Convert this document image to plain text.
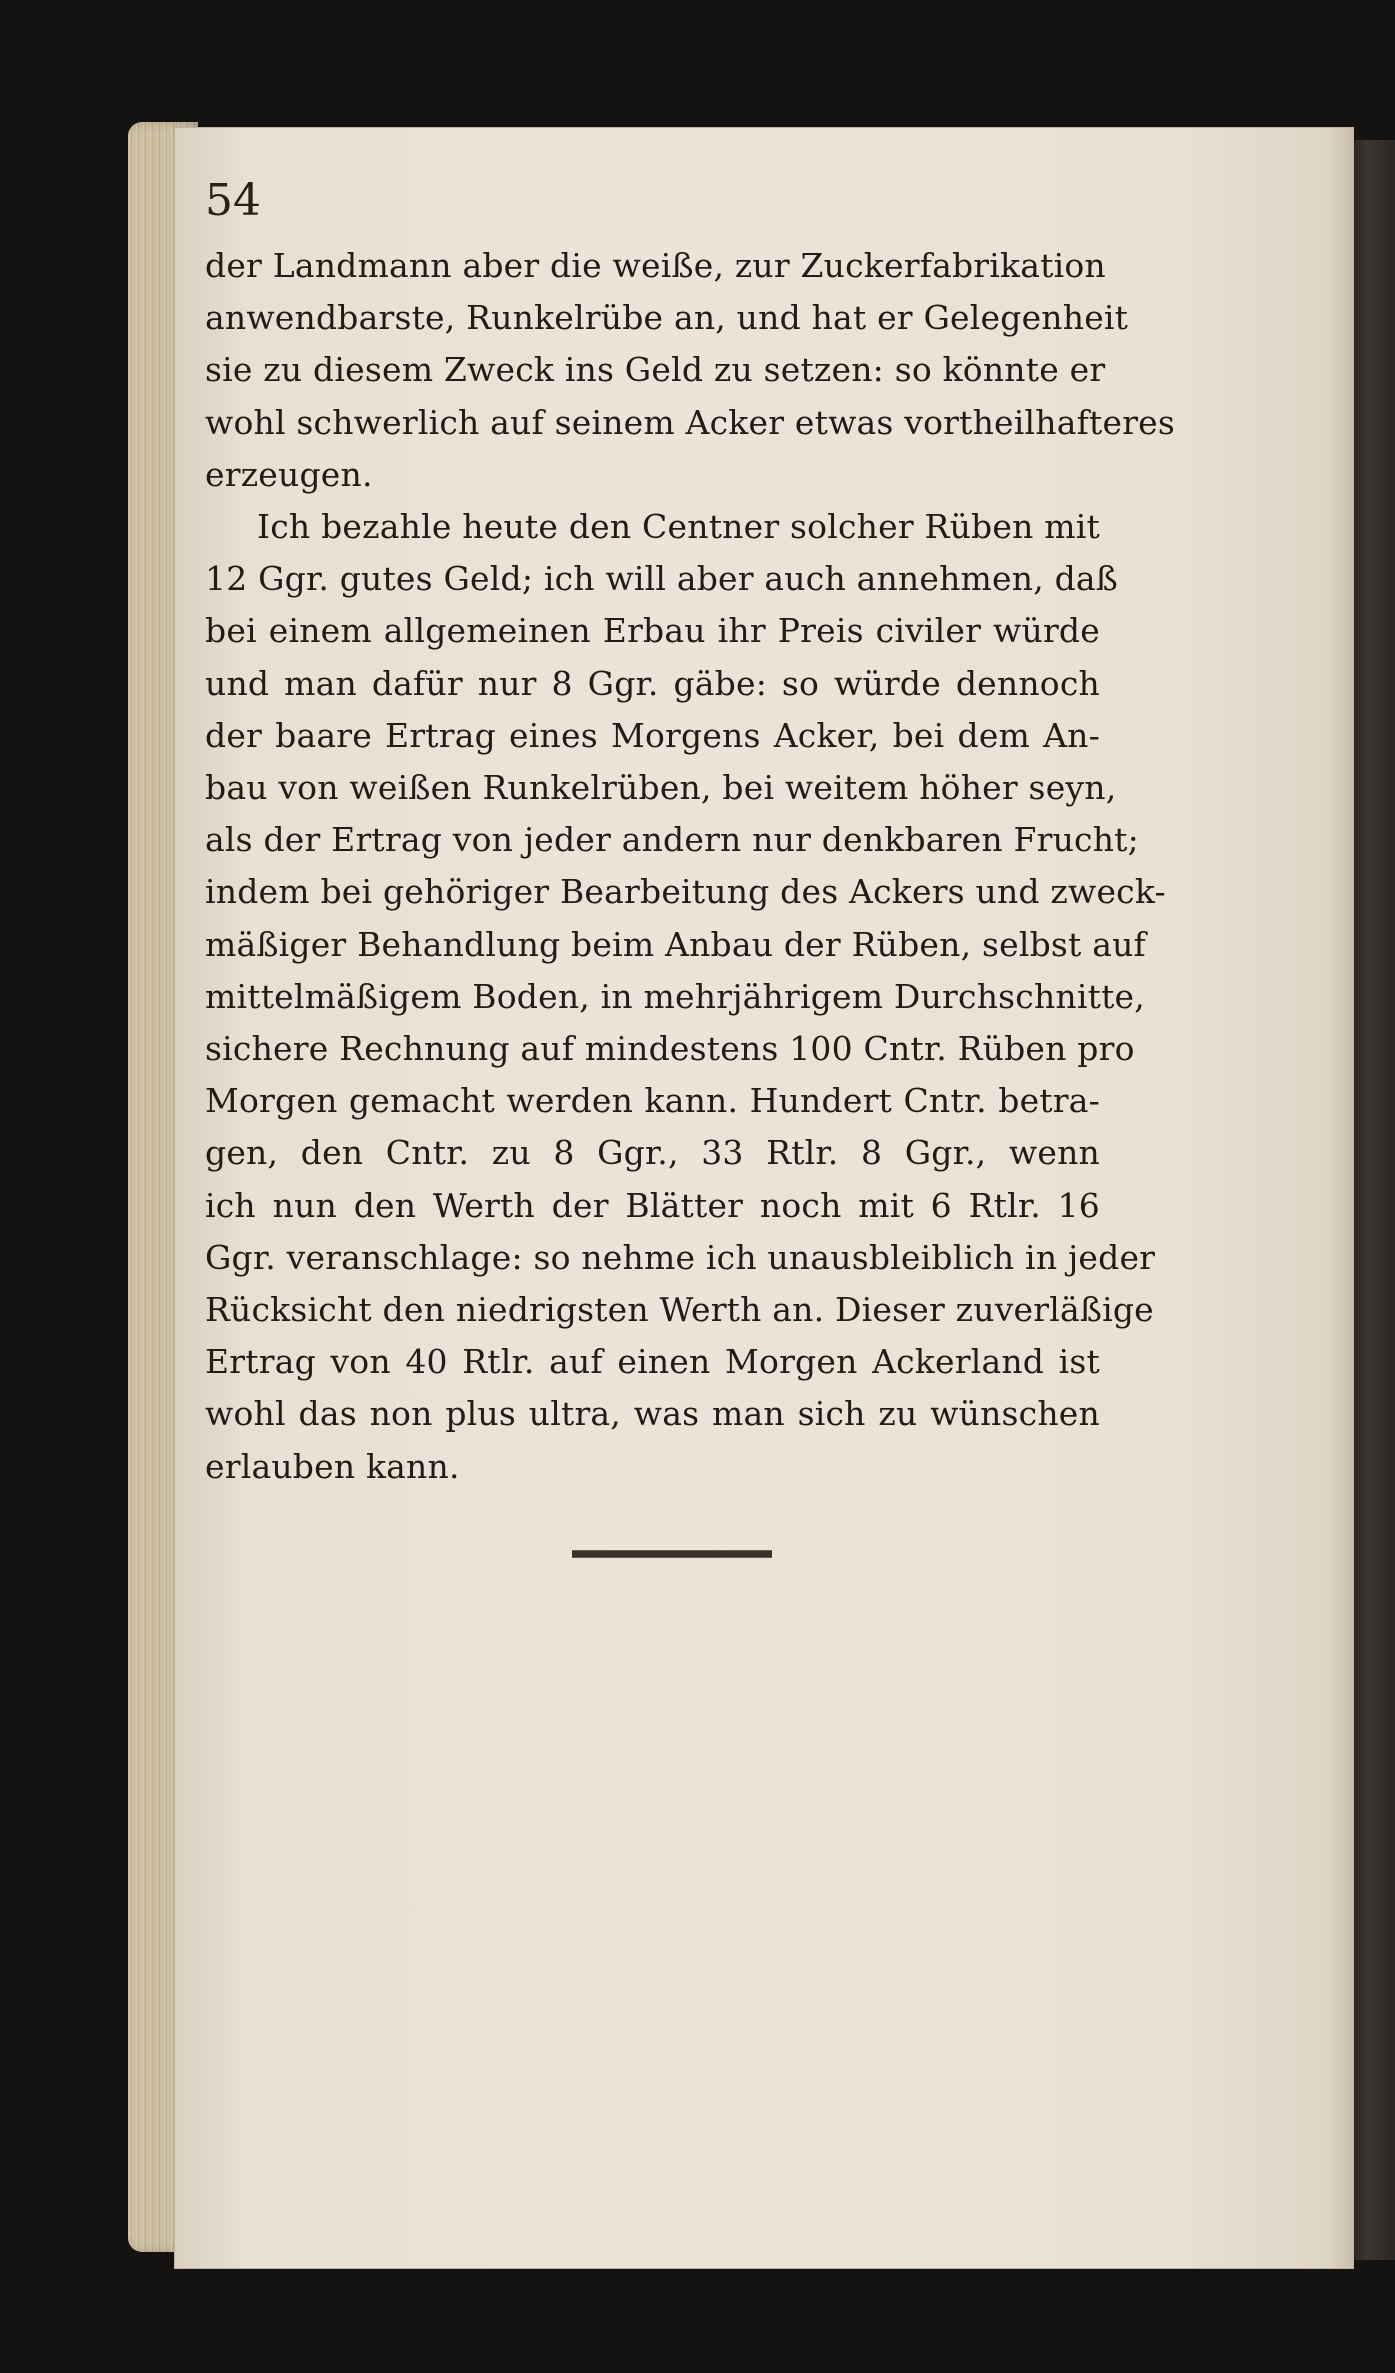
54
der Landmann aber die weiße, zur Zuckerfabrikation
anwendbarste, Runkelrübe an, und hat er Gelegenheit
sie zu diesem Zweck ins Geld zu setzen: so könnte er
wohl schwerlich auf seinem Acker etwas vortheilhafteres
erzeugen.
Ich bezahle heute den Centner solcher Rüben mit
12 Ggr. gutes Geld; ich will aber auch annehmen, daß
bei einem allgemeinen Erbau ihr Preis civiler würde
und man dafür nur 8 Ggr. gäbe: so würde dennoch
der baare Ertrag eines Morgens Acker, bei dem An-
bau von weißen Runkelrüben, bei weitem höher seyn,
als der Ertrag von jeder andern nur denkbaren Frucht;
indem bei gehöriger Bearbeitung des Ackers und zweck-
mäßiger Behandlung beim Anbau der Rüben, selbst auf
mittelmäßigem Boden, in mehrjährigem Durchschnitte,
sichere Rechnung auf mindestens 100 Cntr. Rüben pro
Morgen gemacht werden kann. Hundert Cntr. betra-
gen, den Cntr. zu 8 Ggr., 33 Rtlr. 8 Ggr., wenn
ich nun den Werth der Blätter noch mit 6 Rtlr. 16
Ggr. veranschlage: so nehme ich unausbleiblich in jeder
Rücksicht den niedrigsten Werth an. Dieser zuverläßige
Ertrag von 40 Rtlr. auf einen Morgen Ackerland ist
wohl das non plus ultra, was man sich zu wünschen
erlauben kann.
